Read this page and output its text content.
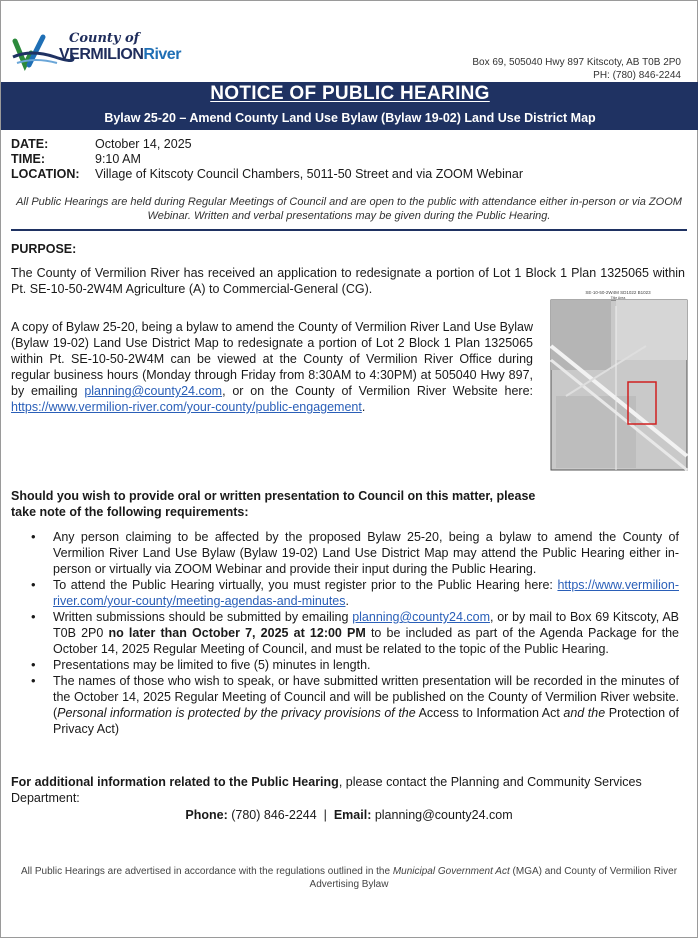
County of
VERMILIONRiver	Box 69, 505040 Hwy 897 Kitscoty, AB T0B 2P0
PH: (780) 846-2244
NOTICE OF PUBLIC HEARING
Bylaw 25-20 – Amend County Land Use Bylaw (Bylaw 19-02) Land Use District Map
DATE:	October 14, 2025
TIME:	9:10 AM
LOCATION:	Village of Kitscoty Council Chambers, 5011-50 Street and via ZOOM Webinar
All Public Hearings are held during Regular Meetings of Council and are open to the public with attendance either in-person or via ZOOM Webinar. Written and verbal presentations may be given during the Public Hearing.
PURPOSE:

The County of Vermilion River has received an application to redesignate a portion of Lot 1 Block 1 Plan 1325065 within Pt. SE-10-50-2W4M Agriculture (A) to Commercial-General (CG).

A copy of Bylaw 25-20, being a bylaw to amend the County of Vermilion River Land Use Bylaw (Bylaw 19-02) Land Use District Map to redesignate a portion of Lot 2 Block 1 Plan 1325065 within Pt. SE-10-50-2W4M can be viewed at the County of Vermilion River Office during regular business hours (Monday through Friday from 8:30AM to 4:30PM) at 505040 Hwy 897, by emailing planning@county24.com, or on the County of Vermilion River Website here: https://www.vermilion-river.com/your-county/public-engagement.

SE-10-50-2W4M SD1022 B1023
Title Area

Should you wish to provide oral or written presentation to Council on this matter, please take note of the following requirements:

• Any person claiming to be affected by the proposed Bylaw 25-20, being a bylaw to amend the County of Vermilion River Land Use Bylaw (Bylaw 19-02) Land Use District Map may attend the Public Hearing either in-person or virtually via ZOOM Webinar and provide their input during the Public Hearing.
• To attend the Public Hearing virtually, you must register prior to the Public Hearing here: https://www.vermilion-river.com/your-county/meeting-agendas-and-minutes.
• Written submissions should be submitted by emailing planning@county24.com, or by mail to Box 69 Kitscoty, AB T0B 2P0 no later than October 7, 2025 at 12:00 PM to be included as part of the Agenda Package for the October 14, 2025 Regular Meeting of Council, and must be related to the topic of the Public Hearing.
• Presentations may be limited to five (5) minutes in length.
• The names of those who wish to speak, or have submitted written presentation will be recorded in the minutes of the October 14, 2025 Regular Meeting of Council and will be published on the County of Vermilion River website. (Personal information is protected by the privacy provisions of the Access to Information Act and the Protection of Privacy Act)

For additional information related to the Public Hearing, please contact the Planning and Community Services Department:

Phone: (780) 846-2244  |  Email: planning@county24.com

All Public Hearings are advertised in accordance with the regulations outlined in the Municipal Government Act (MGA) and County of Vermilion River Advertising Bylaw
